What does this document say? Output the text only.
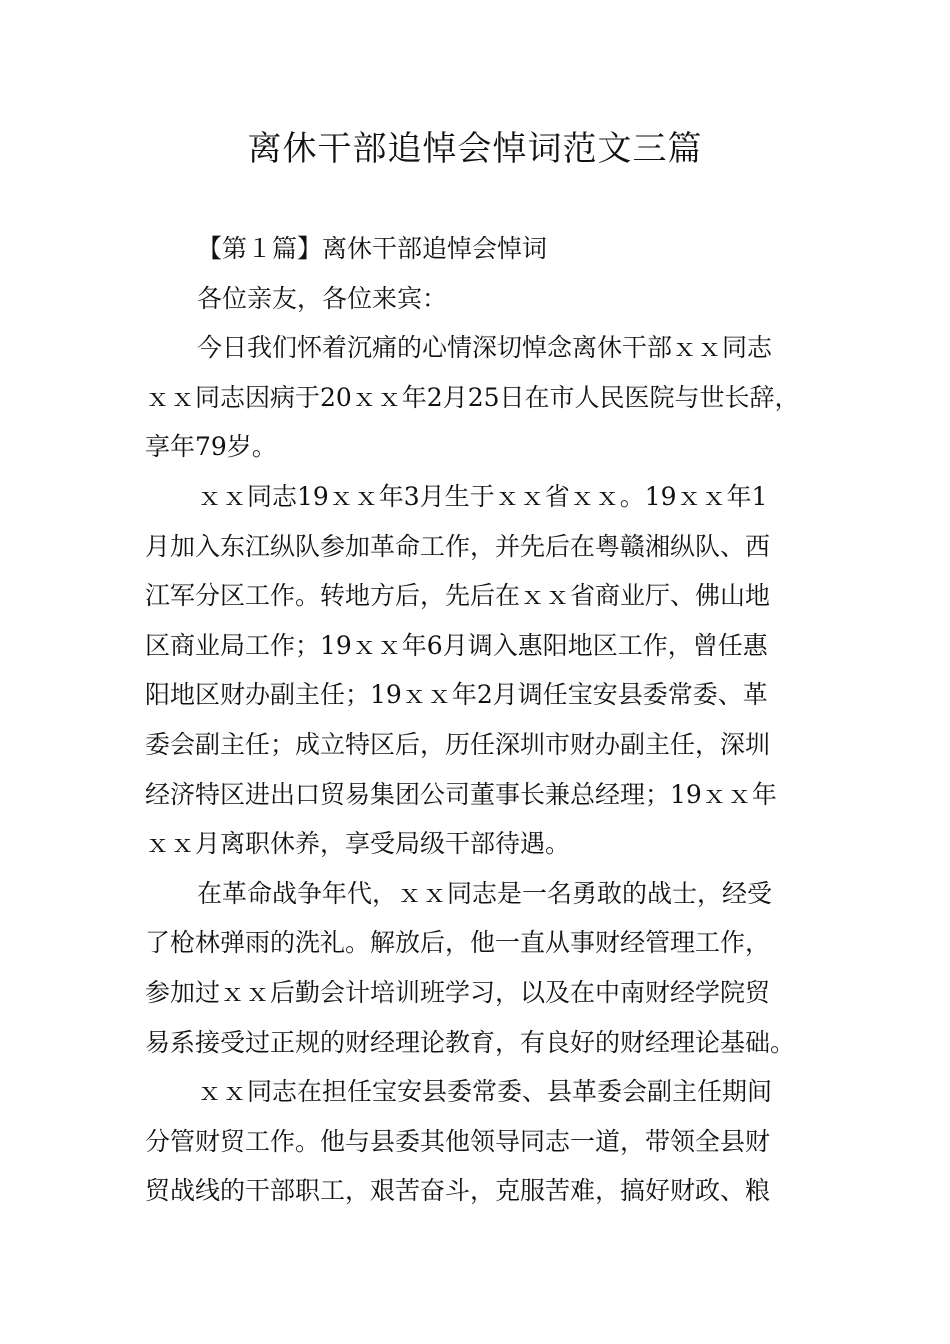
离休干部追悼会悼词范文三篇
【第１篇】离休干部追悼会悼词
各位亲友，各位来宾：
今日我们怀着沉痛的心情深切悼念离休干部ｘｘ同志
ｘｘ同志因病于20ｘｘ年2月25日在市人民医院与世长辞，
享年79岁。
ｘｘ同志19ｘｘ年3月生于ｘｘ省ｘｘ。19ｘｘ年1
月加入东江纵队参加革命工作，并先后在粤赣湘纵队、西
江军分区工作。转地方后，先后在ｘｘ省商业厅、佛山地
区商业局工作；19ｘｘ年6月调入惠阳地区工作，曾任惠
阳地区财办副主任；19ｘｘ年2月调任宝安县委常委、革
委会副主任；成立特区后，历任深圳市财办副主任，深圳
经济特区进出口贸易集团公司董事长兼总经理；19ｘｘ年
ｘｘ月离职休养，享受局级干部待遇。
在革命战争年代，ｘｘ同志是一名勇敢的战士，经受
了枪林弹雨的洗礼。解放后，他一直从事财经管理工作，
参加过ｘｘ后勤会计培训班学习，以及在中南财经学院贸
易系接受过正规的财经理论教育，有良好的财经理论基础。
ｘｘ同志在担任宝安县委常委、县革委会副主任期间
分管财贸工作。他与县委其他领导同志一道，带领全县财
贸战线的干部职工，艰苦奋斗，克服苦难，搞好财政、粮
